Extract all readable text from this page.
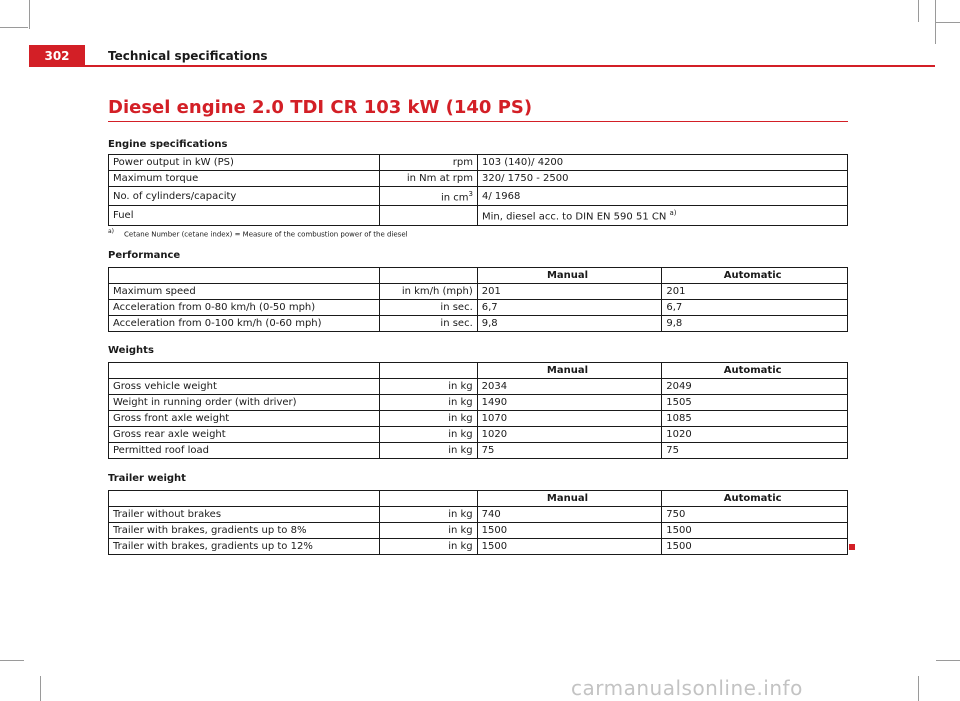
302	Technical specifications
Diesel engine 2.0 TDI CR 103 kW (140 PS)
Engine specifications
Power output in kW (PS)	rpm	103 (140)/ 4200
Maximum torque	in Nm at rpm	320/ 1750 - 2500
No. of cylinders/capacity	in $cm^3$	4/ 1968
Fuel		Min, diesel acc. to DIN EN 590 51 CN $^{a)}$
$^{a)}$ Cetane Number (cetane index) = Measure of the combustion power of the diesel
Performance
		Manual	Automatic
Maximum speed	in km/h (mph)	201	201
Acceleration from 0-80 km/h (0-50 mph)	in sec.	6,7	6,7
Acceleration from 0-100 km/h (0-60 mph)	in sec.	9,8	9,8
Weights
		Manual	Automatic
Gross vehicle weight	in kg	2034	2049
Weight in running order (with driver)	in kg	1490	1505
Gross front axle weight	in kg	1070	1085
Gross rear axle weight	in kg	1020	1020
Permitted roof load	in kg	75	75
Trailer weight
		Manual	Automatic
Trailer without brakes	in kg	740	750
Trailer with brakes, gradients up to 8%	in kg	1500	1500
Trailer with brakes, gradients up to 12%	in kg	1500	1500
carmanualsonline.info
